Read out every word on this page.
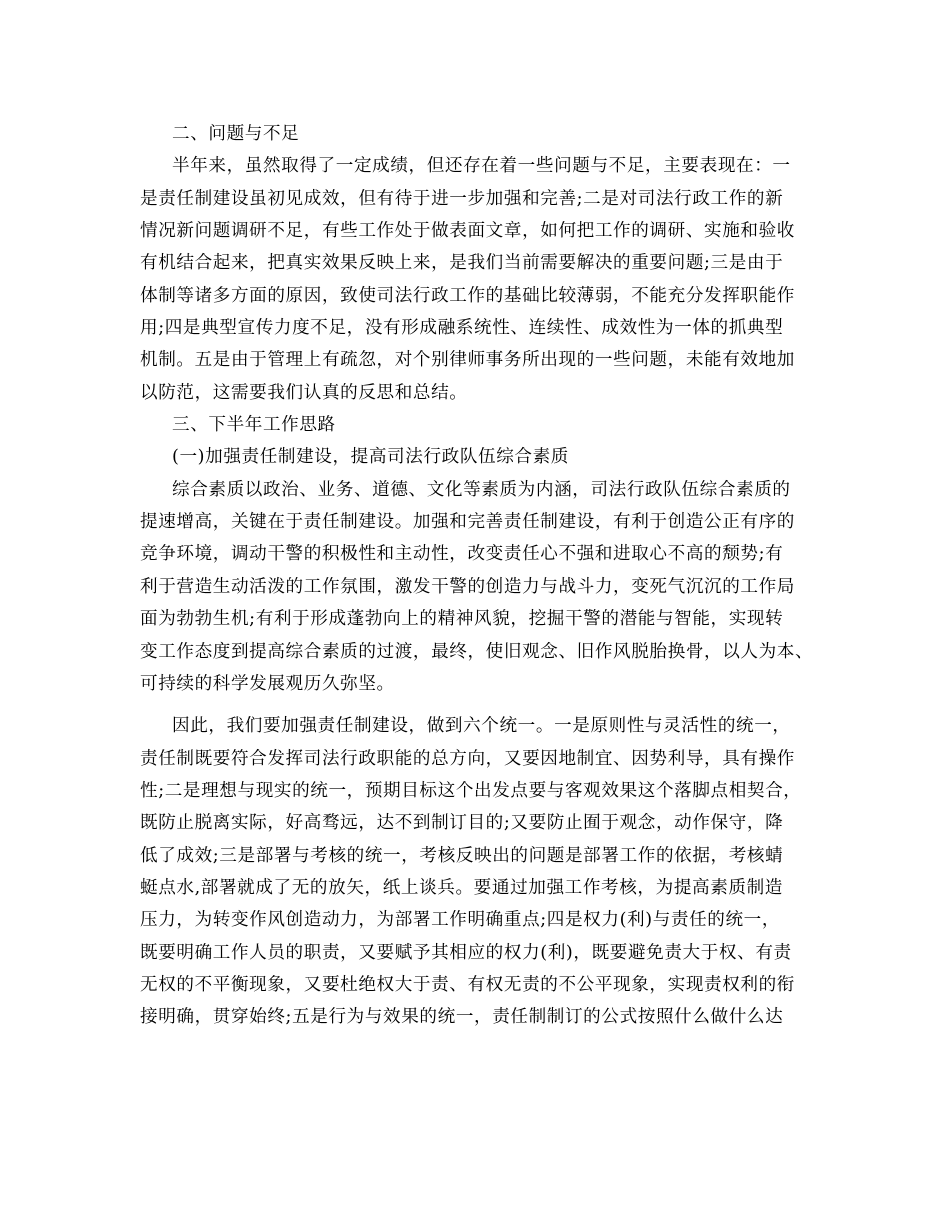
二、问题与不足
半年来，虽然取得了一定成绩，但还存在着一些问题与不足，主要表现在：一
是责任制建设虽初见成效，但有待于进一步加强和完善;二是对司法行政工作的新
情况新问题调研不足，有些工作处于做表面文章，如何把工作的调研、实施和验收
有机结合起来，把真实效果反映上来，是我们当前需要解决的重要问题;三是由于
体制等诸多方面的原因，致使司法行政工作的基础比较薄弱，不能充分发挥职能作
用;四是典型宣传力度不足，没有形成融系统性、连续性、成效性为一体的抓典型
机制。五是由于管理上有疏忽，对个别律师事务所出现的一些问题，未能有效地加
以防范，这需要我们认真的反思和总结。
三、下半年工作思路
(一)加强责任制建设，提高司法行政队伍综合素质
综合素质以政治、业务、道德、文化等素质为内涵，司法行政队伍综合素质的
提速增高，关键在于责任制建设。加强和完善责任制建设，有利于创造公正有序的
竞争环境，调动干警的积极性和主动性，改变责任心不强和进取心不高的颓势;有
利于营造生动活泼的工作氛围，激发干警的创造力与战斗力，变死气沉沉的工作局
面为勃勃生机;有利于形成蓬勃向上的精神风貌，挖掘干警的潜能与智能，实现转
变工作态度到提高综合素质的过渡，最终，使旧观念、旧作风脱胎换骨，以人为本、
可持续的科学发展观历久弥坚。
因此，我们要加强责任制建设，做到六个统一。一是原则性与灵活性的统一，
责任制既要符合发挥司法行政职能的总方向，又要因地制宜、因势利导，具有操作
性;二是理想与现实的统一，预期目标这个出发点要与客观效果这个落脚点相契合，
既防止脱离实际，好高骛远，达不到制订目的;又要防止囿于观念，动作保守，降
低了成效;三是部署与考核的统一，考核反映出的问题是部署工作的依据，考核蜻
蜓点水,部署就成了无的放矢，纸上谈兵。要通过加强工作考核，为提高素质制造
压力，为转变作风创造动力，为部署工作明确重点;四是权力(利)与责任的统一，
既要明确工作人员的职责，又要赋予其相应的权力(利)，既要避免责大于权、有责
无权的不平衡现象，又要杜绝权大于责、有权无责的不公平现象，实现责权利的衔
接明确，贯穿始终;五是行为与效果的统一，责任制制订的公式按照什么做什么达
